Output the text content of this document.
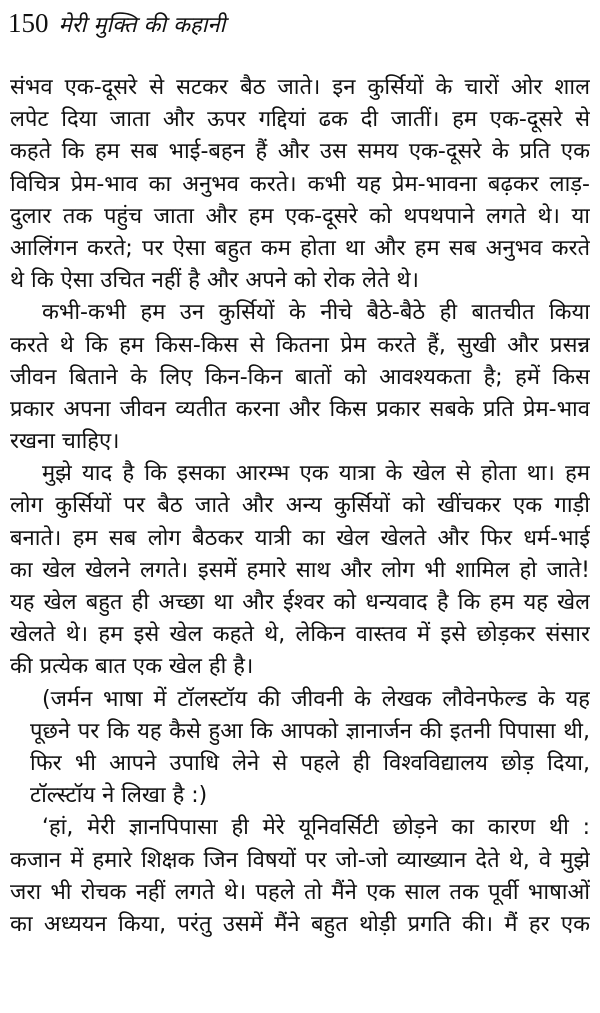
150 मेरी मुक्ति की कहानी
संभव एक-दूसरे से सटकर बैठ जाते। इन कुर्सियों के चारों ओर शाल
लपेट दिया जाता और ऊपर गद्दियां ढक दी जातीं। हम एक-दूसरे से
कहते कि हम सब भाई-बहन हैं और उस समय एक-दूसरे के प्रति एक
विचित्र प्रेम-भाव का अनुभव करते। कभी यह प्रेम-भावना बढ़कर लाड़-
दुलार तक पहुंच जाता और हम एक-दूसरे को थपथपाने लगते थे। या
आलिंगन करते; पर ऐसा बहुत कम होता था और हम सब अनुभव करते
थे कि ऐसा उचित नहीं है और अपने को रोक लेते थे।
कभी-कभी हम उन कुर्सियों के नीचे बैठे-बैठे ही बातचीत किया
करते थे कि हम किस-किस से कितना प्रेम करते हैं, सुखी और प्रसन्न
जीवन बिताने के लिए किन-किन बातों को आवश्यकता है; हमें किस
प्रकार अपना जीवन व्यतीत करना और किस प्रकार सबके प्रति प्रेम-भाव
रखना चाहिए।
मुझे याद है कि इसका आरम्भ एक यात्रा के खेल से होता था। हम
लोग कुर्सियों पर बैठ जाते और अन्य कुर्सियों को खींचकर एक गाड़ी
बनाते। हम सब लोग बैठकर यात्री का खेल खेलते और फिर धर्म-भाई
का खेल खेलने लगते। इसमें हमारे साथ और लोग भी शामिल हो जाते!
यह खेल बहुत ही अच्छा था और ईश्वर को धन्यवाद है कि हम यह खेल
खेलते थे। हम इसे खेल कहते थे, लेकिन वास्तव में इसे छोड़कर संसार
की प्रत्येक बात एक खेल ही है।
(जर्मन भाषा में टॉलस्टॉय की जीवनी के लेखक लौवेनफेल्ड के यह
पूछने पर कि यह कैसे हुआ कि आपको ज्ञानार्जन की इतनी पिपासा थी,
फिर भी आपने उपाधि लेने से पहले ही विश्वविद्यालय छोड़ दिया,
टॉल्स्टॉय ने लिखा है :)
‘हां, मेरी ज्ञानपिपासा ही मेरे यूनिवर्सिटी छोड़ने का कारण थी :
कजान में हमारे शिक्षक जिन विषयों पर जो-जो व्याख्यान देते थे, वे मुझे
जरा भी रोचक नहीं लगते थे। पहले तो मैंने एक साल तक पूर्वी भाषाओं
का अध्ययन किया, परंतु उसमें मैंने बहुत थोड़ी प्रगति की। मैं हर एक
